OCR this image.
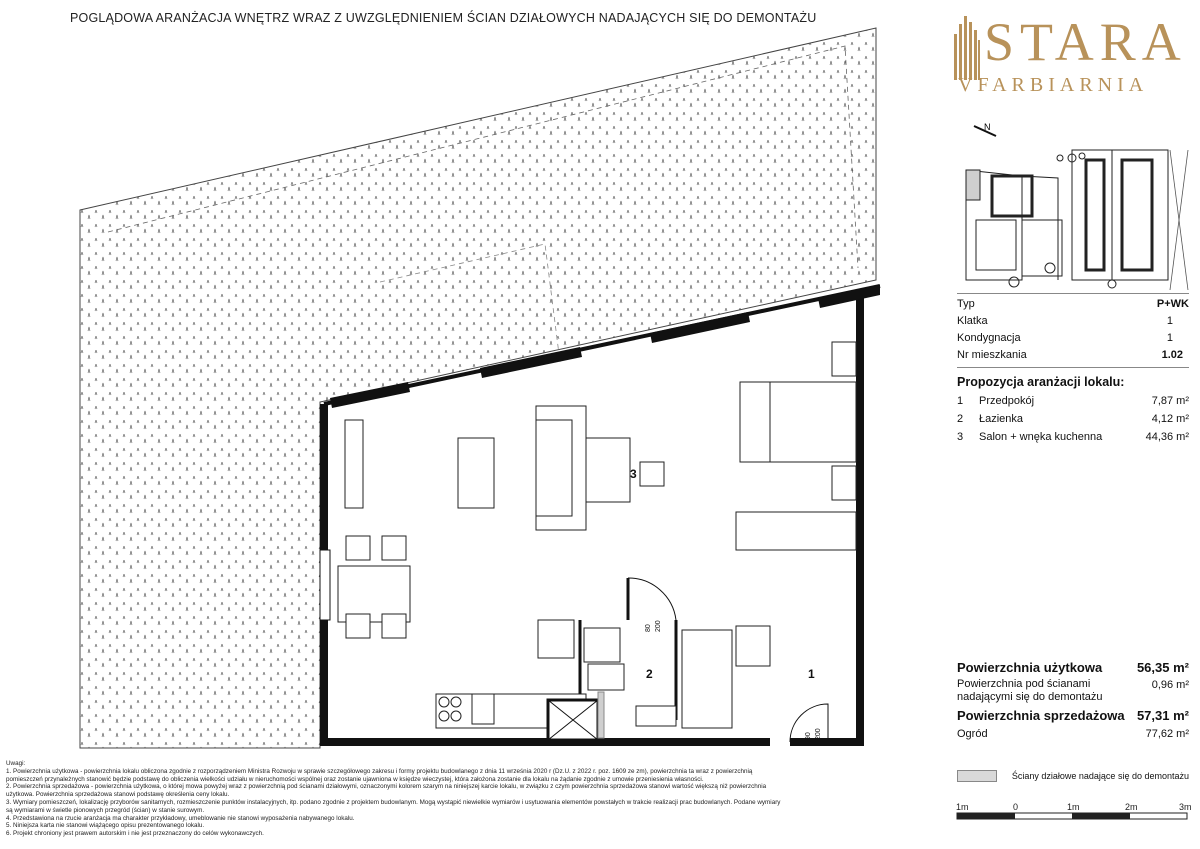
POGLĄDOWA ARANŻACJA WNĘTRZ WRAZ Z UWZGLĘDNIENIEM ŚCIAN DZIAŁOWYCH NADAJĄCYCH SIĘ DO DEMONTAŻU	STARA
VFARBIARNIA
N
Typ	P+WK
Klatka	1
Kondygnacja	1
Nr mieszkania	1.02
Propozycja aranżacji lokalu:
1	Przedpokój	7,87 m²
2	Łazienka	4,12 m²
3	Salon + wnęka kuchenna	44,36 m²
Powierzchnia użytkowa	56,35 m²
Powierzchnia pod ścianami nadającymi się do demontażu
0,96 m²
Powierzchnia sprzedażowa 57,31 m²
Ogród	77,62 m²
Ściany działowe nadające się do demontażu
1m	0	1m	2m	3m
Uwagi:
1. Powierzchnia użytkowa - powierzchnia lokalu obliczona zgodnie z rozporządzeniem Ministra Rozwoju w sprawie szczegółowego zakresu i formy projektu budowlanego z dnia 11 września 2020 r (Dz.U. z 2022 r. poz. 1609 ze zm), powierzchnia ta wraz z powierzchnią
pomieszczeń przynależnych stanowić będzie podstawę do obliczenia wielkości udziału w nieruchomości wspólnej oraz zostanie ujawniona w księdze wieczystej, która założona zostanie dla lokalu na żądanie zgodnie z umowie przeniesienia własności.
2. Powierzchnia sprzedażowa - powierzchnia użytkowa, o której mowa powyżej wraz z powierzchnią pod ścianami działowymi, oznaczonymi kolorem szarym na niniejszej karcie lokalu, w związku z czym powierzchnia sprzedażowa stanowi wartość większą niż powierzchnia
użytkowa. Powierzchnia sprzedażowa stanowi podstawę określenia ceny lokalu.
3. Wymiary pomieszczeń, lokalizację przyborów sanitarnych, rozmieszczenie punktów instalacyjnych, itp. podano zgodnie z projektem budowlanym. Mogą wystąpić niewielkie wymiarów i usytuowania elementów powstałych w trakcie realizacji prac budowlanych. Podane wymiary
są wymiarami w świetle pionowych przegród (ścian) w stanie surowym.
4. Przedstawiona na rzucie aranżacja ma charakter przykładowy, umeblowanie nie stanowi wyposażenia nabywanego lokalu.
5. Niniejsza karta nie stanowi wiążącego opisu prezentowanego lokalu.
6. Projekt chroniony jest prawem autorskim i nie jest przeznaczony do celów wykonawczych.
3
2	1
80 200
90 200
